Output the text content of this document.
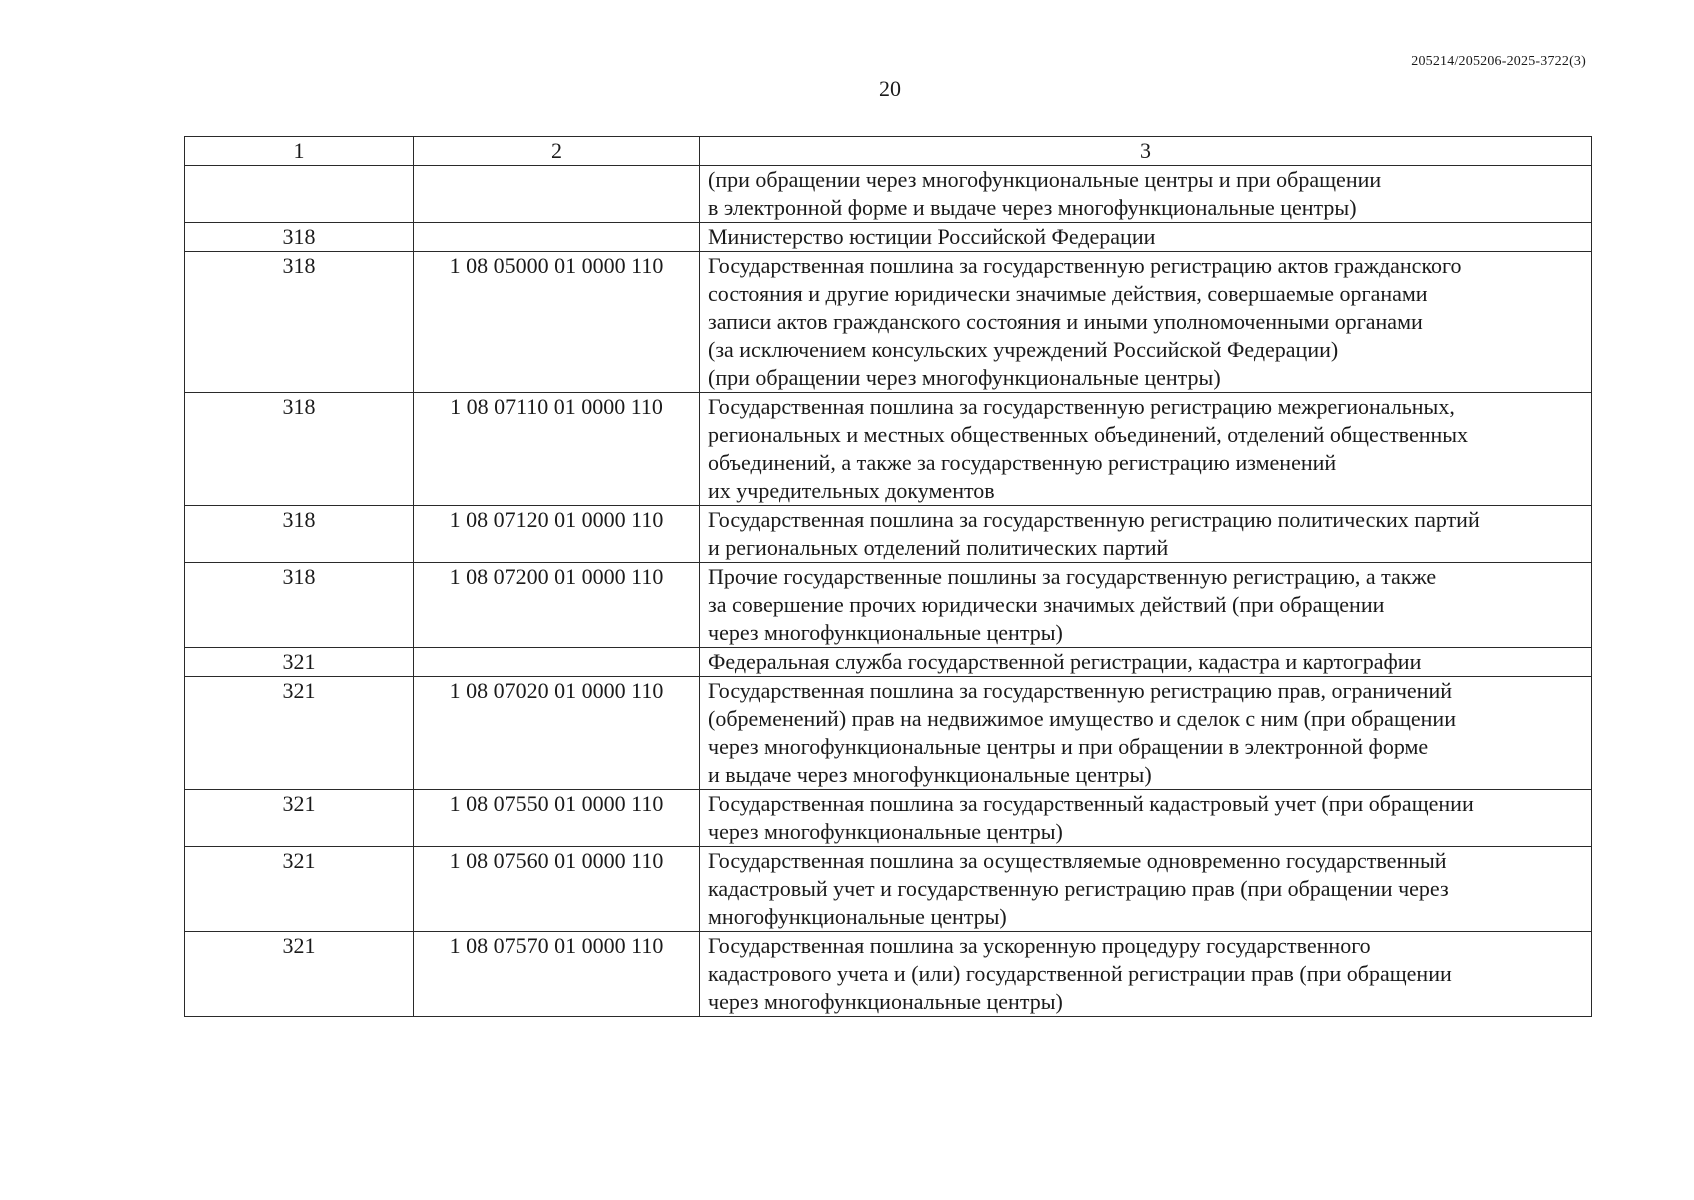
205214/205206-2025-3722(3)
20
1	2	3

		(при обращении через многофункциональные центры и при обращении
в электронной форме и выдаче через многофункциональные центры)

318		Министерство юстиции Российской Федерации

318	1 08 05000 01 0000 110	Государственная пошлина за государственную регистрацию актов гражданского
состояния и другие юридически значимые действия, совершаемые органами
записи актов гражданского состояния и иными уполномоченными органами
(за исключением консульских учреждений Российской Федерации)
(при обращении через многофункциональные центры)

318	1 08 07110 01 0000 110	Государственная пошлина за государственную регистрацию межрегиональных,
региональных и местных общественных объединений, отделений общественных
объединений, а также за государственную регистрацию изменений
их учредительных документов

318	1 08 07120 01 0000 110	Государственная пошлина за государственную регистрацию политических партий
и региональных отделений политических партий

318	1 08 07200 01 0000 110	Прочие государственные пошлины за государственную регистрацию, а также
за совершение прочих юридически значимых действий (при обращении
через многофункциональные центры)

321		Федеральная служба государственной регистрации, кадастра и картографии

321	1 08 07020 01 0000 110	Государственная пошлина за государственную регистрацию прав, ограничений
(обременений) прав на недвижимое имущество и сделок с ним (при обращении
через многофункциональные центры и при обращении в электронной форме
и выдаче через многофункциональные центры)

321	1 08 07550 01 0000 110	Государственная пошлина за государственный кадастровый учет (при обращении
через многофункциональные центры)

321	1 08 07560 01 0000 110	Государственная пошлина за осуществляемые одновременно государственный
кадастровый учет и государственную регистрацию прав (при обращении через
многофункциональные центры)

321	1 08 07570 01 0000 110	Государственная пошлина за ускоренную процедуру государственного
кадастрового учета и (или) государственной регистрации прав (при обращении
через многофункциональные центры)
